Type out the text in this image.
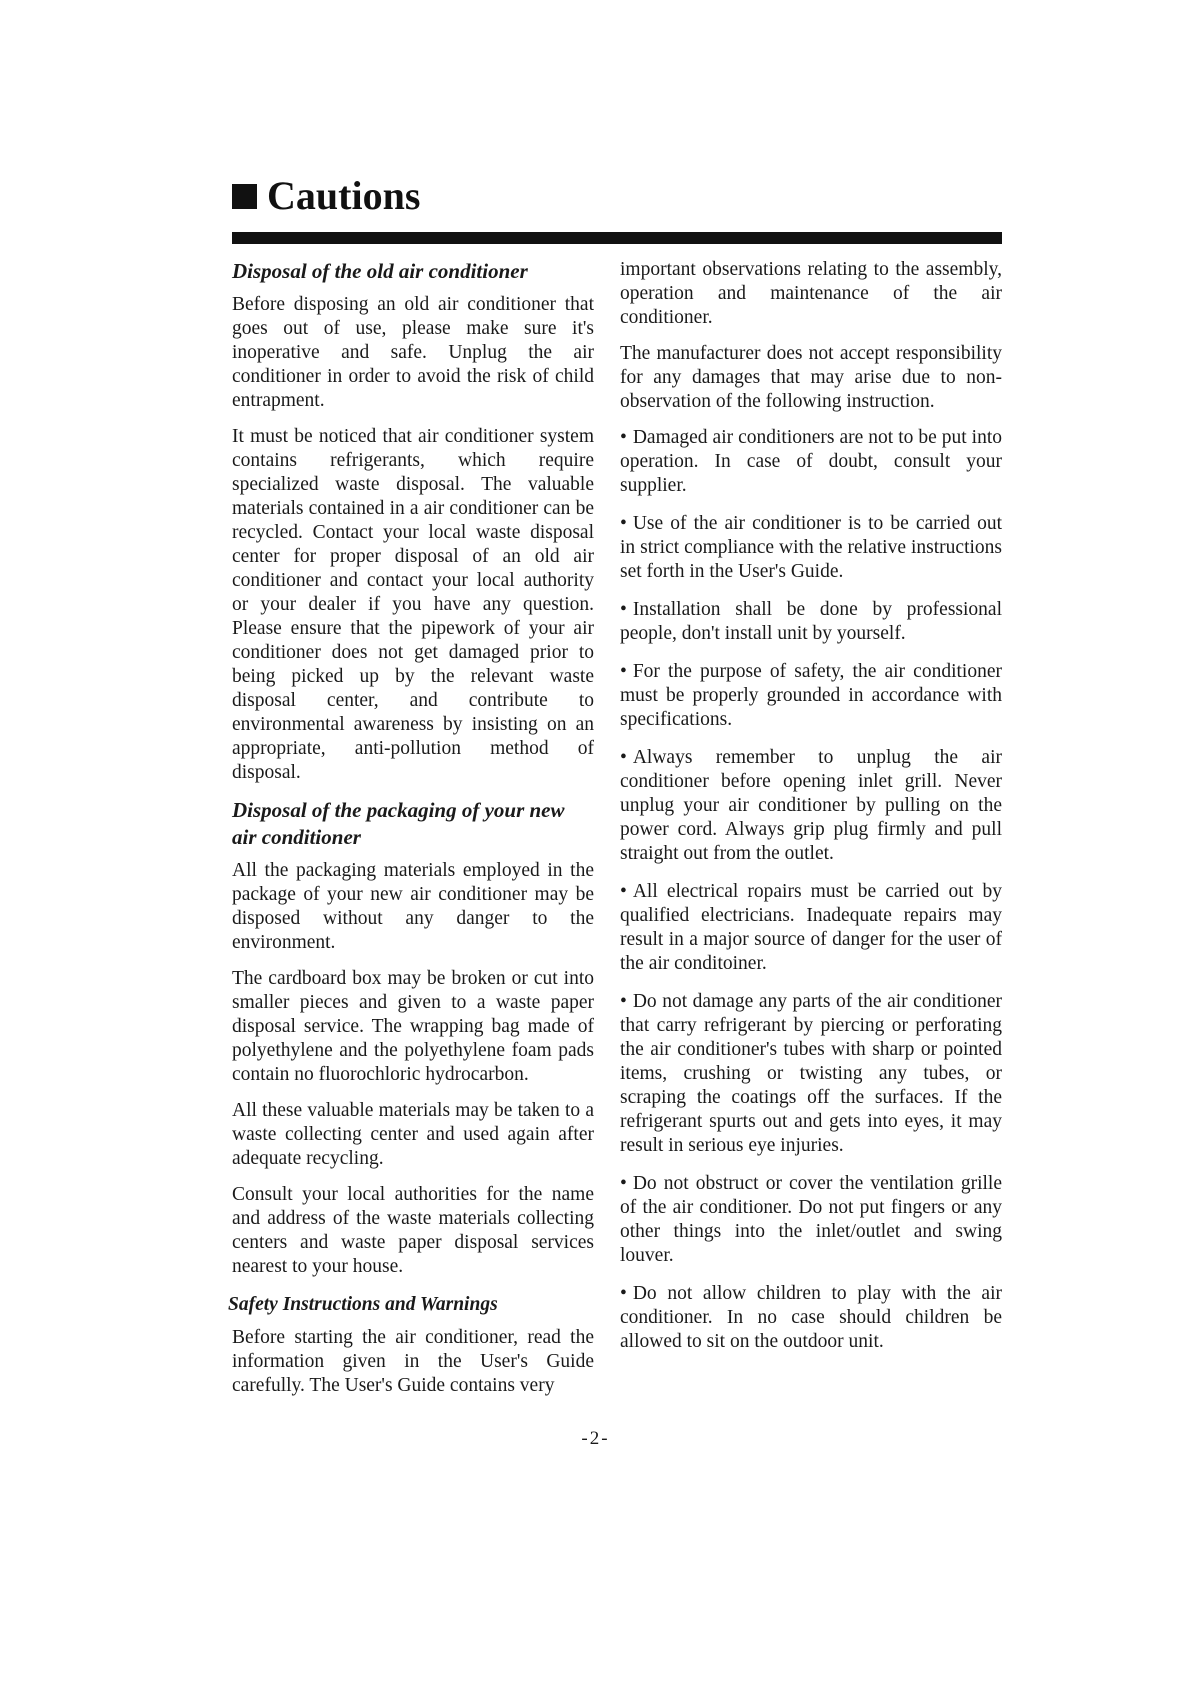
Cautions
Disposal of the old air conditioner

Before disposing an old air conditioner that goes out of use, please make sure it's inoperative and safe. Unplug the air conditioner in order to avoid the risk of child entrapment.

It must be noticed that air conditioner system contains refrigerants, which require specialized waste disposal. The valuable materials contained in a air conditioner can be recycled. Contact your local waste disposal center for proper disposal of an old air conditioner and contact your local authority or your dealer if you have any question. Please ensure that the pipework of your air conditioner does not get damaged prior to being picked up by the relevant waste disposal center, and contribute to environmental awareness by insisting on an appropriate, anti-pollution method of disposal.

Disposal of the packaging of your new air conditioner

All the packaging materials employed in the package of your new air conditioner may be disposed without any danger to the environment.

The cardboard box may be broken or cut into smaller pieces and given to a waste paper disposal service. The wrapping bag made of polyethylene and the polyethylene foam pads contain no fluorochloric hydrocarbon.

All these valuable materials may be taken to a waste collecting center and used again after adequate recycling.

Consult your local authorities for the name and address of the waste materials collecting centers and waste paper disposal services nearest to your house.

Safety Instructions and Warnings

Before starting the air conditioner, read the information given in the User's Guide carefully. The User's Guide contains very

important observations relating to the assembly, operation and maintenance of the air conditioner.

The manufacturer does not accept responsibility for any damages that may arise due to non-observation of the following instruction.

• Damaged air conditioners are not to be put into operation. In case of doubt, consult your supplier.

• Use of the air conditioner is to be carried out in strict compliance with the relative instructions set forth in the User's Guide.

• Installation shall be done by professional people, don't install unit by yourself.

• For the purpose of safety, the air conditioner must be properly grounded in accordance with specifications.

• Always remember to unplug the air conditioner before opening inlet grill. Never unplug your air conditioner by pulling on the power cord. Always grip plug firmly and pull straight out from the outlet.

• All electrical ropairs must be carried out by qualified electricians. Inadequate repairs may result in a major source of danger for the user of the air conditoiner.

• Do not damage any parts of the air conditioner that carry refrigerant by piercing or perforating the air conditioner's tubes with sharp or pointed items, crushing or twisting any tubes, or scraping the coatings off the surfaces. If the refrigerant spurts out and gets into eyes, it may result in serious eye injuries.

• Do not obstruct or cover the ventilation grille of the air conditioner. Do not put fingers or any other things into the inlet/outlet and swing louver.

• Do not allow children to play with the air conditioner. In no case should children be allowed to sit on the outdoor unit.

-2-
